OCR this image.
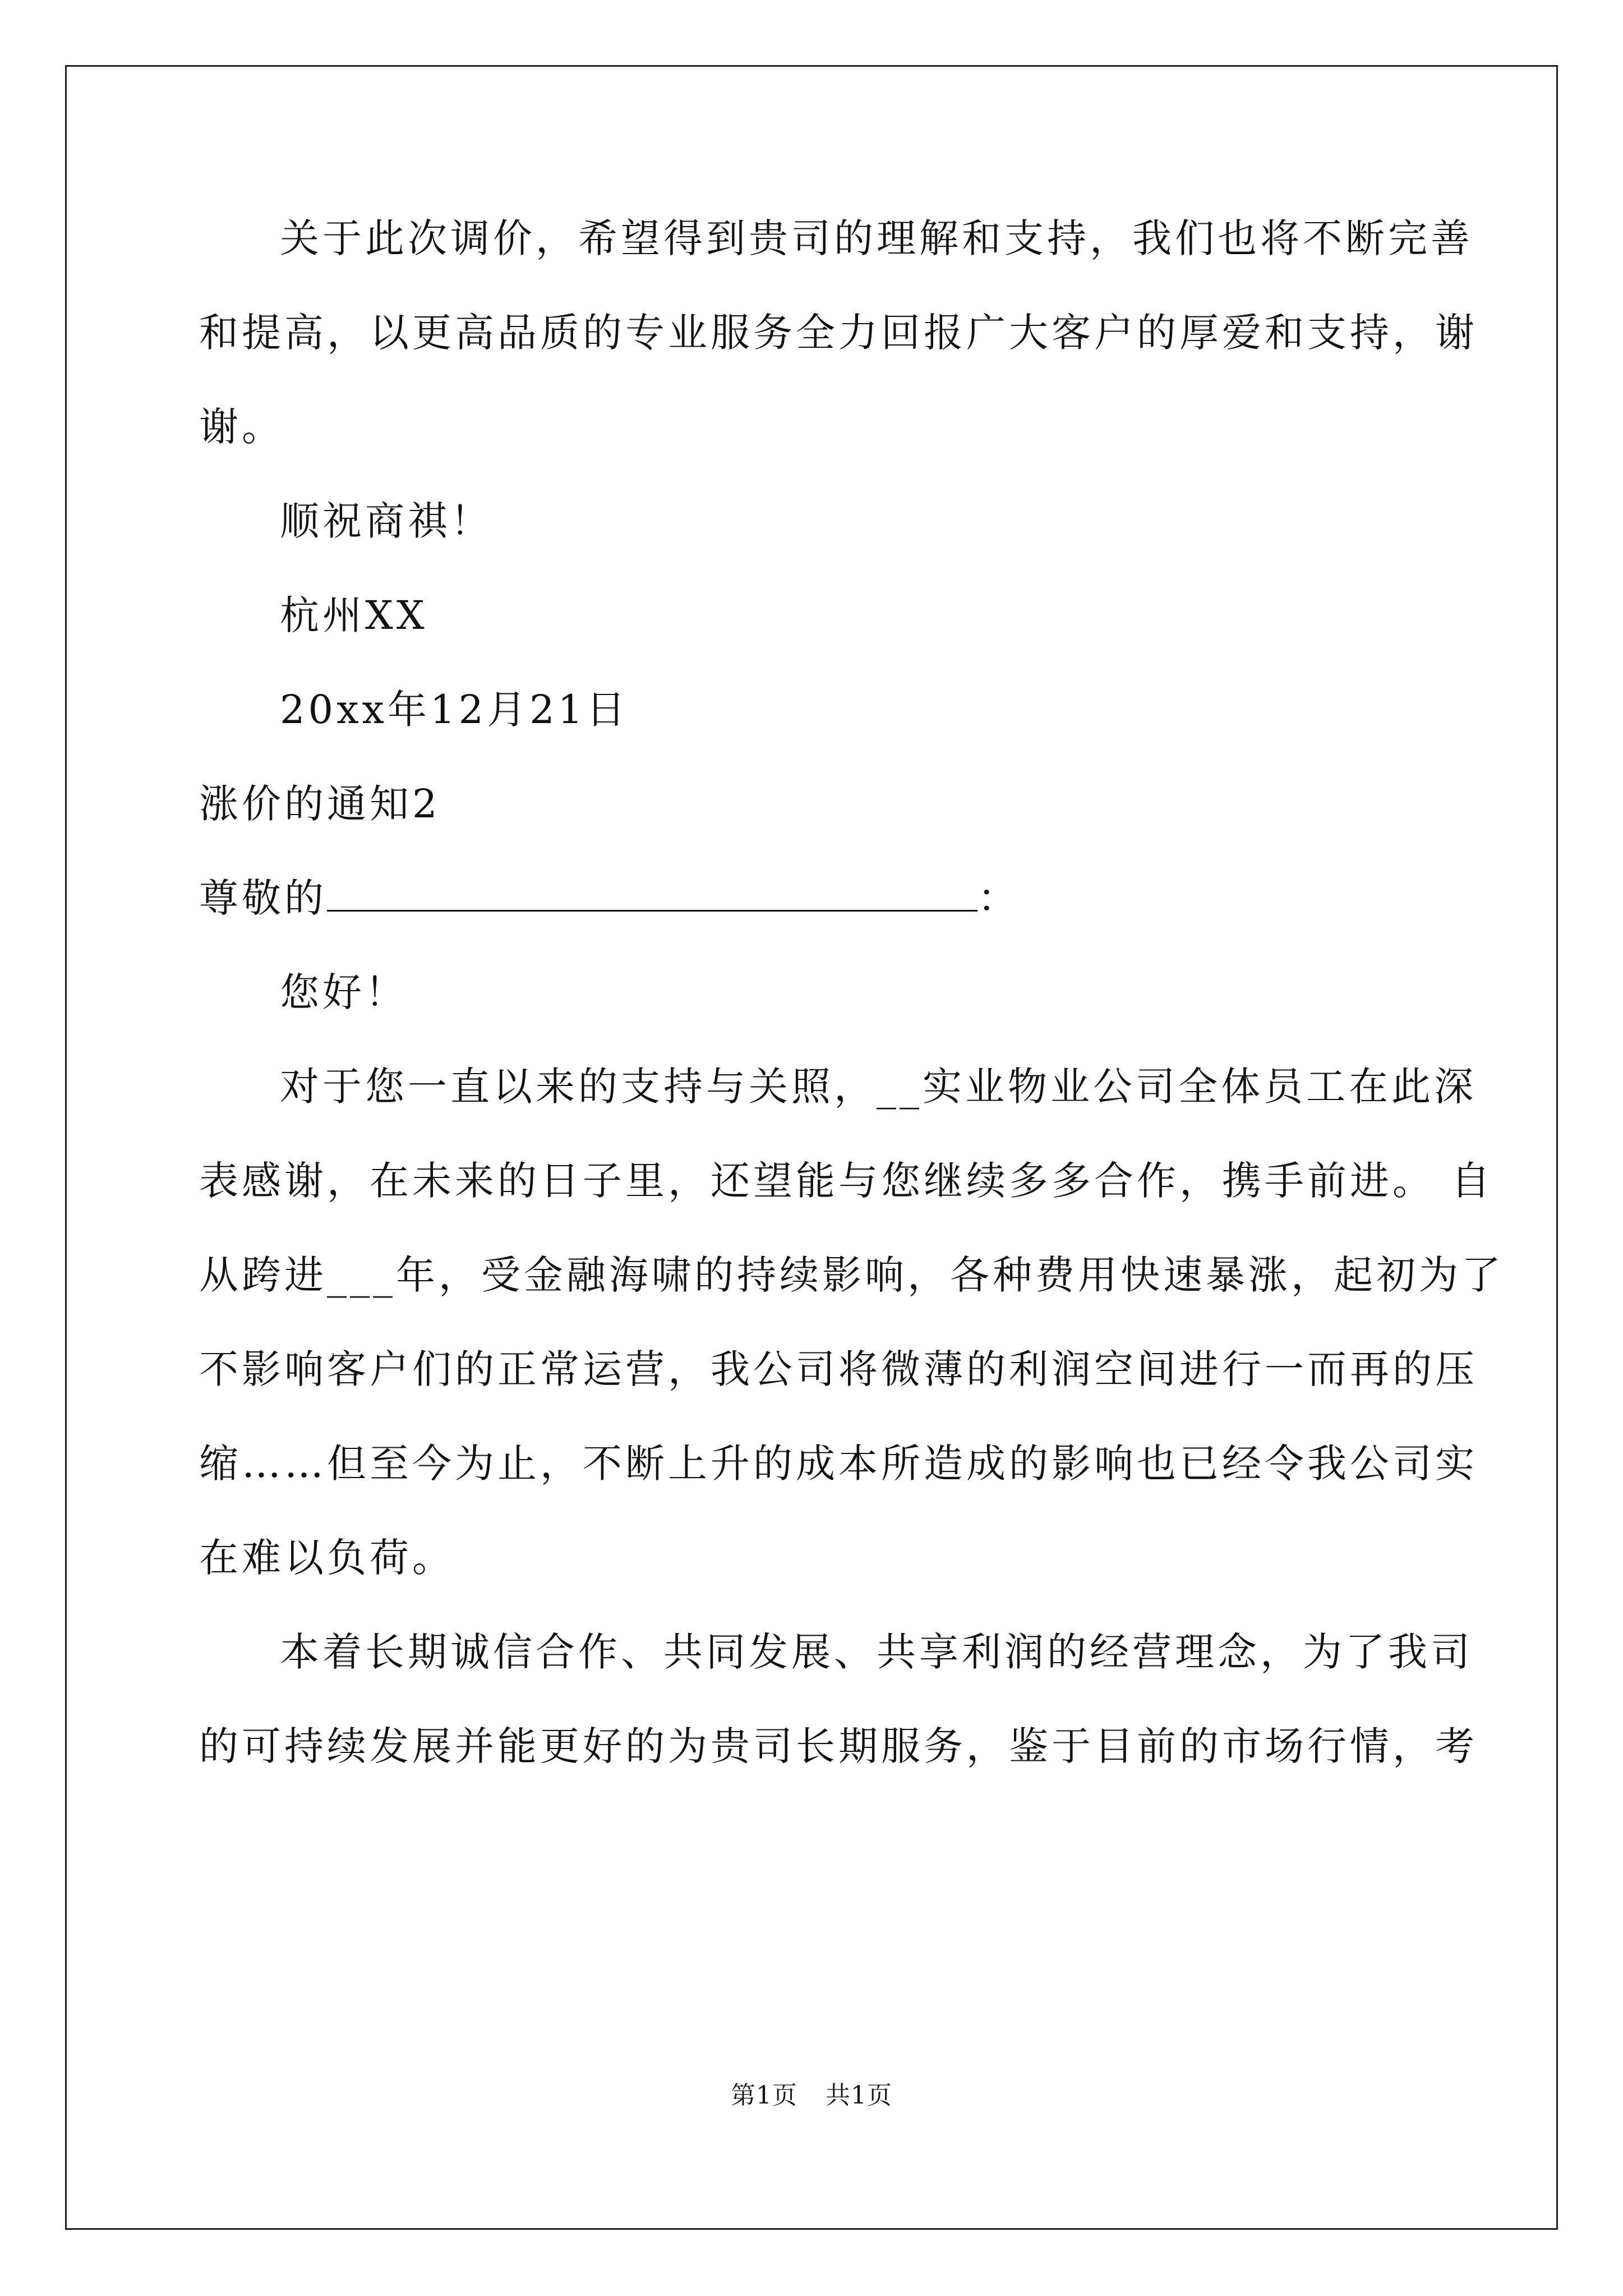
关于此次调价，希望得到贵司的理解和支持，我们也将不断完善
和提高，以更高品质的专业服务全力回报广大客户的厚爱和支持，谢
谢。
顺祝商祺！
杭州XX
20xx年12月21日
涨价的通知2
尊敬的	：
您好！
对于您一直以来的支持与关照，__实业物业公司全体员工在此深
表感谢，在未来的日子里，还望能与您继续多多合作，携手前进。 自
从跨进___年，受金融海啸的持续影响，各种费用快速暴涨，起初为了
不影响客户们的正常运营，我公司将微薄的利润空间进行一而再的压
缩……但至今为止，不断上升的成本所造成的影响也已经令我公司实
在难以负荷。
本着长期诚信合作、共同发展、共享利润的经营理念，为了我司
的可持续发展并能更好的为贵司长期服务，鉴于目前的市场行情，考
第1页 共1页
